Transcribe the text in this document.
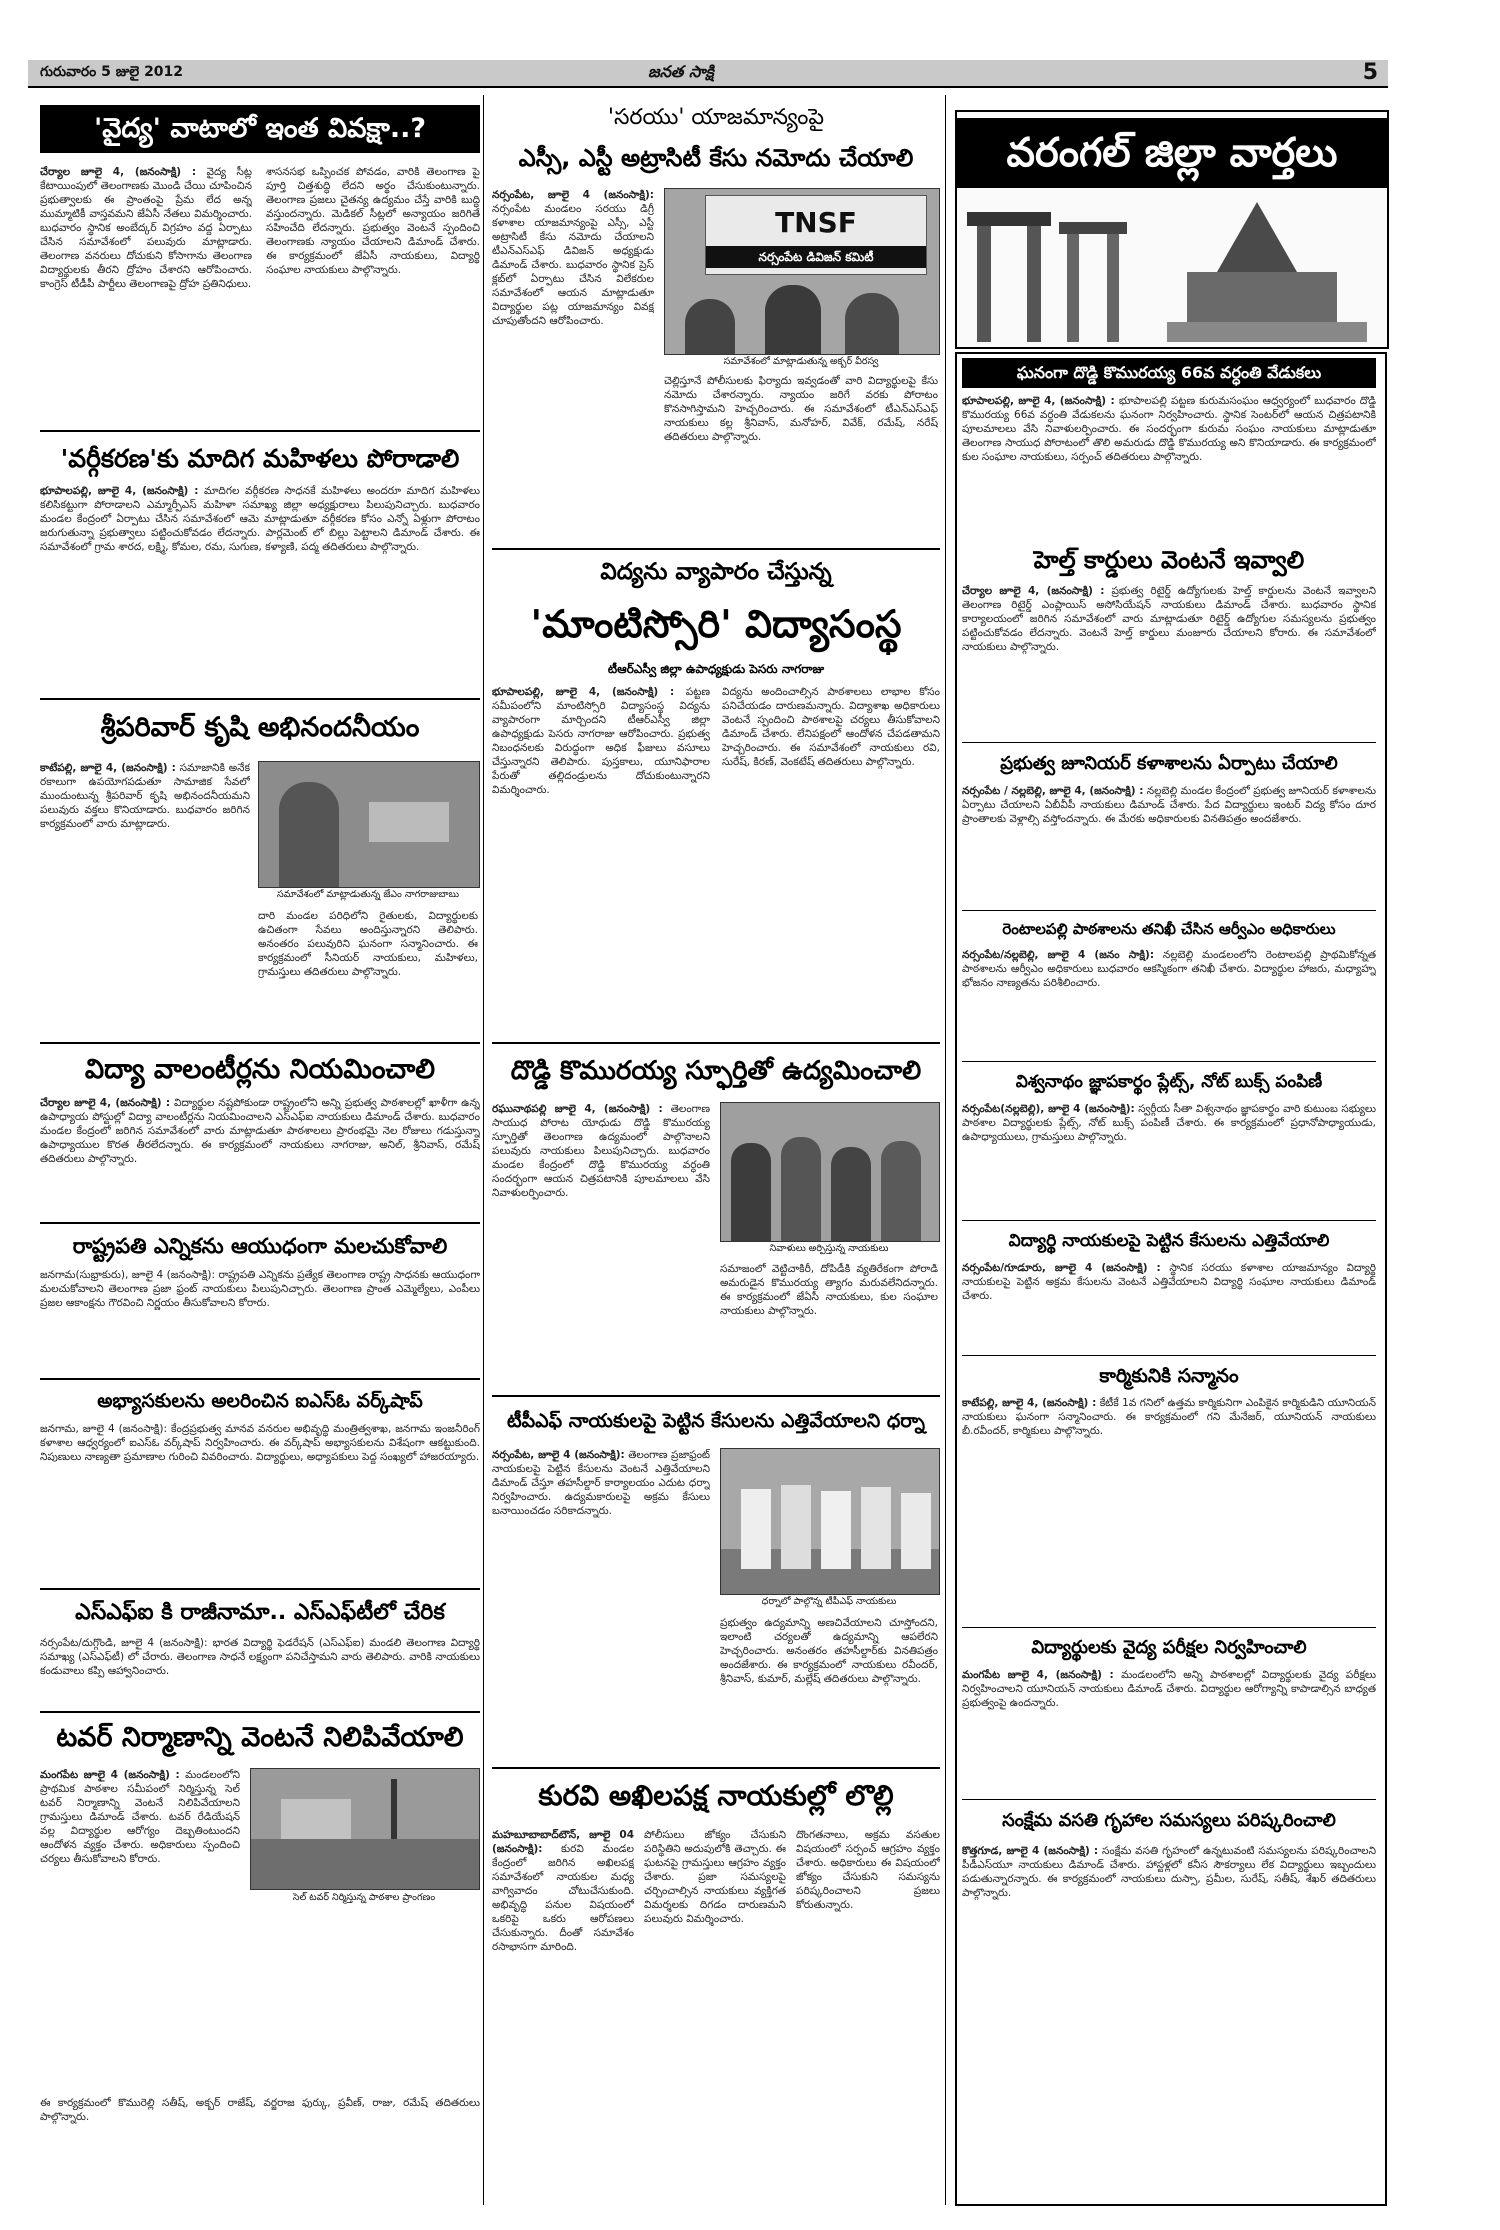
గురువారం 5 జులై 2012	జనత సాక్షి	5
'వైద్య' వాటాలో ఇంత వివక్షా..?
చేర్యాల జూలై 4, (జనంసాక్షి) : వైద్య సీట్ల కేటాయింపులో తెలంగాణకు మొండి చేయి చూపించిన ప్రభుత్వాలకు ఈ ప్రాంతంపై ప్రేమ లేద అన్న ముమ్మాటికీ వాస్తవమని జేఏసీ నేతలు విమర్శించారు. బుధవారం స్థానిక అంబేద్కర్ విగ్రహం వద్ద ఏర్పాటు చేసిన సమావేశంలో పలువురు మాట్లాడారు. తెలంగాణ వనరులు దోచుకుని కోసాగాను తెలంగాణ విద్యార్థులకు తీరని ద్రోహం చేశారని ఆరోపించారు. కాంగ్రెస్ టీడీపీ పార్టీలు తెలంగాణపై ద్రోహ ప్రతినిధులు.
శాసనసభ ఒప్పించక పోవడం, వారికి తెలంగాణ పై పూర్తి చిత్తశుద్ధి లేదని అర్థం చేసుకుంటున్నారు. తెలంగాణ ప్రజలు చైతన్య ఉద్యమం చేస్తే వారికి బుద్ధి వస్తుందన్నారు. మెడికల్ సీట్లలో అన్యాయం జరిగితే సహించేది లేదన్నారు. ప్రభుత్వం వెంటనే స్పందించి తెలంగాణకు న్యాయం చేయాలని డిమాండ్ చేశారు. ఈ కార్యక్రమంలో జేఏసీ నాయకులు, విద్యార్థి సంఘాల నాయకులు పాల్గొన్నారు.
'వర్గీకరణ'కు మాదిగ మహిళలు పోరాడాలి
భూపాలపల్లి, జూలై 4, (జనంసాక్షి) : మాదిగల వర్గీకరణ సాధనకే మహిళలు అందరూ మాదిగ మహిళలు కలిసికట్టుగా పోరాడాలని ఎమ్మార్పీఎస్ మహిళా సమాఖ్య జిల్లా అధ్యక్షురాలు పిలుపునిచ్చారు. బుధవారం మండల కేంద్రంలో ఏర్పాటు చేసిన సమావేశంలో ఆమె మాట్లాడుతూ వర్గీకరణ కోసం ఎన్నో ఏళ్లుగా పోరాటం జరుగుతున్నా ప్రభుత్వాలు పట్టించుకోవడం లేదన్నారు. పార్లమెంట్ లో బిల్లు పెట్టాలని డిమాండ్ చేశారు. ఈ సమావేశంలో గ్రామ శారద, లక్ష్మి, కోమల, రమ, సుగుణ, కళ్యాణి, పద్మ తదితరులు పాల్గొన్నారు.
శ్రీపరివార్ కృషి అభినందనీయం
కాటేపల్లి, జూలై 4, (జనంసాక్షి) : సమాజానికి అనేక రకాలుగా ఉపయోగపడుతూ సామాజిక సేవలో ముందుంటున్న శ్రీపరివార్ కృషి అభినందనీయమని పలువురు వక్తలు కొనియాడారు. బుధవారం జరిగిన కార్యక్రమంలో వారు మాట్లాడారు.
సమావేశంలో మాట్లాడుతున్న జేఎం నాగరాజుబాబు
దారి మండల పరిధిలోని రైతులకు, విద్యార్థులకు ఉచితంగా సేవలు అందిస్తున్నారని తెలిపారు. అనంతరం పలువురిని ఘనంగా సన్మానించారు. ఈ కార్యక్రమంలో సీనియర్ నాయకులు, మహిళలు, గ్రామస్తులు తదితరులు పాల్గొన్నారు.
విద్యా వాలంటీర్లను నియమించాలి
చేర్యాల జూలై 4, (జనంసాక్షి) : విద్యార్థుల నష్టపోకుండా రాష్ట్రంలోని అన్ని ప్రభుత్వ పాఠశాలల్లో ఖాళీగా ఉన్న ఉపాధ్యాయ పోస్టుల్లో విద్యా వాలంటీర్లను నియమించాలని ఎస్ఎఫ్ఐ నాయకులు డిమాండ్ చేశారు. బుధవారం మండల కేంద్రంలో జరిగిన సమావేశంలో వారు మాట్లాడుతూ పాఠశాలలు ప్రారంభమై నెల రోజులు గడుస్తున్నా ఉపాధ్యాయుల కొరత తీరలేదన్నారు. ఈ కార్యక్రమంలో నాయకులు నాగరాజు, అనిల్, శ్రీనివాస్, రమేష్ తదితరులు పాల్గొన్నారు.
రాష్ట్రపతి ఎన్నికను ఆయుధంగా మలచుకోవాలి
జనగామ(సుభ్రాకురు), జూలై 4 (జనంసాక్షి): రాష్ట్రపతి ఎన్నికను ప్రత్యేక తెలంగాణ రాష్ట్ర సాధనకు ఆయుధంగా మలచుకోవాలని తెలంగాణ ప్రజా ఫ్రంట్ నాయకులు పిలుపునిచ్చారు. తెలంగాణ ప్రాంత ఎమ్మెల్యేలు, ఎంపీలు ప్రజల ఆకాంక్షను గౌరవించి నిర్ణయం తీసుకోవాలని కోరారు.
అభ్యాసకులను అలరించిన ఐఎస్‌ఓ వర్క్‌షాప్
జనగామ, జూలై 4 (జనంసాక్షి): కేంద్రప్రభుత్వ మానవ వనరుల అభివృద్ధి మంత్రిత్వశాఖ, జనగామ ఇంజనీరింగ్ కళాశాల ఆధ్వర్యంలో ఐఎస్‌ఓ వర్క్‌షాప్ నిర్వహించారు. ఈ వర్క్‌షాప్ అభ్యాసకులను విశేషంగా ఆకట్టుకుంది. నిపుణులు నాణ్యతా ప్రమాణాల గురించి వివరించారు. విద్యార్థులు, అధ్యాపకులు పెద్ద సంఖ్యలో హాజరయ్యారు.
ఎస్‌ఎఫ్‌ఐ కి రాజీనామా.. ఎస్‌ఎఫ్‌టీలో చేరిక
నర్సంపేట/దుగ్గొండి, జూలై 4 (జనంసాక్షి): భారత విద్యార్థి ఫెడరేషన్ (ఎస్ఎఫ్ఐ) మండలి తెలంగాణ విద్యార్థి సమాఖ్య (ఎస్ఎఫ్‌టీ) లో చేరారు. తెలంగాణ సాధనే లక్ష్యంగా పనిచేస్తామని వారు తెలిపారు. వారికి నాయకులు కండువాలు కప్పి ఆహ్వానించారు.
టవర్ నిర్మాణాన్ని వెంటనే నిలిపివేయాలి
మంగపేట జూలై 4 (జనంసాక్షి) : మండలంలోని ప్రాథమిక పాఠశాల సమీపంలో నిర్మిస్తున్న సెల్ టవర్ నిర్మాణాన్ని వెంటనే నిలిపివేయాలని గ్రామస్తులు డిమాండ్ చేశారు. టవర్ రేడియేషన్ వల్ల విద్యార్థుల ఆరోగ్యం దెబ్బతింటుందని ఆందోళన వ్యక్తం చేశారు. అధికారులు స్పందించి చర్యలు తీసుకోవాలని కోరారు.
సెల్ టవర్ నిర్మిస్తున్న పాఠశాల ప్రాంగణం
ఈ కార్యక్రమంలో కొమురెల్లి సతీష్, అక్బర్ రాజేష్, వర్జరాజ ఫుర్కు, ప్రవీణ్, రాజు, రమేష్ తదితరులు పాల్గొన్నారు.
'సరయు' యాజమాన్యంపై
ఎస్సీ, ఎస్టీ అట్రాసిటీ కేసు నమోదు చేయాలి
నర్సంపేట, జూలై 4 (జనంసాక్షి): నర్సంపేట మండలం సరయు డిగ్రీ కళాశాల యాజమాన్యంపై ఎస్సీ, ఎస్టీ అట్రాసిటీ కేసు నమోదు చేయాలని టీఎన్ఎస్ఎఫ్ డివిజన్ అధ్యక్షుడు డిమాండ్ చేశారు. బుధవారం స్థానిక ప్రెస్ క్లబ్‌లో ఏర్పాటు చేసిన విలేకరుల సమావేశంలో ఆయన మాట్లాడుతూ విద్యార్థుల పట్ల యాజమాన్యం వివక్ష చూపుతోందని ఆరోపించారు.
TNSF
నర్సంపేట డివిజన్ కమిటీ
సమావేశంలో మాట్లాడుతున్న అక్బర్ వీరస్వ
చెల్లిస్తూనే పోలీసులకు ఫిర్యాదు ఇవ్వడంతో వారి విద్యార్థులపై కేసు నమోదు చేశారన్నారు. న్యాయం జరిగే వరకు పోరాటం కొనసాగిస్తామని హెచ్చరించారు. ఈ సమావేశంలో టీఎన్ఎస్ఎఫ్ నాయకులు కల్ల శ్రీనివాస్, మనోహర్, వివేక్, రమేష్, నరేష్ తదితరులు పాల్గొన్నారు.
విద్యను వ్యాపారం చేస్తున్న
'మాంటిస్సోరి' విద్యాసంస్థ
టీఆర్ఎస్వీ జిల్లా ఉపాధ్యక్షుడు పెసరు నాగరాజు
భూపాలపల్లి, జూలై 4, (జనంసాక్షి) : పట్టణ సమీపంలోని మాంటిస్సోరి విద్యాసంస్థ విద్యను వ్యాపారంగా మార్చిందని టీఆర్ఎస్వీ జిల్లా ఉపాధ్యక్షుడు పెసరు నాగరాజు ఆరోపించారు. ప్రభుత్వ నిబంధనలకు విరుద్ధంగా అధిక ఫీజులు వసూలు చేస్తున్నారని తెలిపారు. పుస్తకాలు, యూనిఫారాల పేరుతో తల్లిదండ్రులను దోచుకుంటున్నారని విమర్శించారు.
విద్యను అందించాల్సిన పాఠశాలలు లాభాల కోసం పనిచేయడం దారుణమన్నారు. విద్యాశాఖ అధికారులు వెంటనే స్పందించి పాఠశాలపై చర్యలు తీసుకోవాలని డిమాండ్ చేశారు. లేనిపక్షంలో ఆందోళన చేపడతామని హెచ్చరించారు. ఈ సమావేశంలో నాయకులు రవి, సురేష్, కిరణ్, వెంకటేష్ తదితరులు పాల్గొన్నారు.
దొడ్డి కొమురయ్య స్ఫూర్తితో ఉద్యమించాలి
రఘునాథపల్లి జూలై 4, (జనంసాక్షి) : తెలంగాణ సాయుధ పోరాట యోధుడు దొడ్డి కొమురయ్య స్ఫూర్తితో తెలంగాణ ఉద్యమంలో పాల్గొనాలని పలువురు నాయకులు పిలుపునిచ్చారు. బుధవారం మండల కేంద్రంలో దొడ్డి కొమురయ్య వర్ధంతి సందర్భంగా ఆయన చిత్రపటానికి పూలమాలలు వేసి నివాళులర్పించారు.
నివాళులు అర్పిస్తున్న నాయకులు
సమాజంలో వెట్టిచాకిరీ, దోపిడీకి వ్యతిరేకంగా పోరాడి అమరుడైన కొమురయ్య త్యాగం మరువలేనిదన్నారు. ఈ కార్యక్రమంలో జేఏసీ నాయకులు, కుల సంఘాల నాయకులు పాల్గొన్నారు.
టీపీఎఫ్ నాయకులపై పెట్టిన కేసులను ఎత్తివేయాలని ధర్నా
నర్సంపేట, జూలై 4 (జనంసాక్షి): తెలంగాణ ప్రజాఫ్రంట్ నాయకులపై పెట్టిన కేసులను వెంటనే ఎత్తివేయాలని డిమాండ్ చేస్తూ తహసీల్దార్ కార్యాలయం ఎదుట ధర్నా నిర్వహించారు. ఉద్యమకారులపై అక్రమ కేసులు బనాయించడం సరికాదన్నారు.
ధర్నాలో పాల్గొన్న టీపీఎఫ్ నాయకులు
ప్రభుత్వం ఉద్యమాన్ని అణచివేయాలని చూస్తోందని, ఇలాంటి చర్యలతో ఉద్యమాన్ని ఆపలేరని హెచ్చరించారు. అనంతరం తహసీల్దార్‌కు వినతిపత్రం అందజేశారు. ఈ కార్యక్రమంలో నాయకులు రవీందర్, శ్రీనివాస్, కుమార్, మల్లేష్ తదితరులు పాల్గొన్నారు.
కురవి అఖిలపక్ష నాయకుల్లో లొల్లి
మహబూబాబాద్‌టౌన్, జూలై 04 (జనంసాక్షి): కురవి మండల కేంద్రంలో జరిగిన అఖిలపక్ష సమావేశంలో నాయకుల మధ్య వాగ్వివాదం చోటుచేసుకుంది. అభివృద్ధి పనుల విషయంలో ఒకరిపై ఒకరు ఆరోపణలు చేసుకున్నారు. దీంతో సమావేశం రసాభాసగా మారింది.
పోలీసులు జోక్యం చేసుకుని పరిస్థితిని అదుపులోకి తెచ్చారు. ఈ ఘటనపై గ్రామస్తులు ఆగ్రహం వ్యక్తం చేశారు. ప్రజా సమస్యలపై చర్చించాల్సిన నాయకులు వ్యక్తిగత విమర్శలకు దిగడం దారుణమని పలువురు విమర్శించారు.
దొంగతనాలు, అక్రమ వసతుల విషయంలో సర్పంచ్ ఆగ్రహం వ్యక్తం చేశారు. అధికారులు ఈ విషయంలో జోక్యం చేసుకుని సమస్యను పరిష్కరించాలని ప్రజలు కోరుతున్నారు.
వరంగల్ జిల్లా వార్తలు
ఘనంగా దొడ్డి కొమురయ్య 66వ వర్ధంతి వేడుకలు
భూపాలపల్లి, జూలై 4, (జనంసాక్షి) : భూపాలపల్లి పట్టణ కురుమసంఘం ఆధ్వర్యంలో బుధవారం దొడ్డి కొమురయ్య 66వ వర్ధంతి వేడుకలను ఘనంగా నిర్వహించారు. స్థానిక సెంటర్‌లో ఆయన చిత్రపటానికి పూలమాలలు వేసి నివాళులర్పించారు. ఈ సందర్భంగా కురుమ సంఘం నాయకులు మాట్లాడుతూ తెలంగాణ సాయుధ పోరాటంలో తొలి అమరుడు దొడ్డి కొమురయ్య అని కొనియాడారు. ఈ కార్యక్రమంలో కుల సంఘాల నాయకులు, సర్పంచ్ తదితరులు పాల్గొన్నారు.
హెల్త్ కార్డులు వెంటనే ఇవ్వాలి
చేర్యాల జూలై 4, (జనంసాక్షి) : ప్రభుత్వ రిటైర్డ్ ఉద్యోగులకు హెల్త్ కార్డులను వెంటనే ఇవ్వాలని తెలంగాణ రిటైర్డ్ ఎంప్లాయిస్ అసోసియేషన్ నాయకులు డిమాండ్ చేశారు. బుధవారం స్థానిక కార్యాలయంలో జరిగిన సమావేశంలో వారు మాట్లాడుతూ రిటైర్డ్ ఉద్యోగుల సమస్యలను ప్రభుత్వం పట్టించుకోవడం లేదన్నారు. వెంటనే హెల్త్ కార్డులు మంజూరు చేయాలని కోరారు. ఈ సమావేశంలో నాయకులు పాల్గొన్నారు.
ప్రభుత్వ జూనియర్ కళాశాలను ఏర్పాటు చేయాలి
నర్సంపేట / నల్లబెల్లి, జూలై 4, (జనంసాక్షి) : నల్లబెల్లి మండల కేంద్రంలో ప్రభుత్వ జూనియర్ కళాశాలను ఏర్పాటు చేయాలని ఏబీవీపీ నాయకులు డిమాండ్ చేశారు. పేద విద్యార్థులు ఇంటర్ విద్య కోసం దూర ప్రాంతాలకు వెళ్లాల్సి వస్తోందన్నారు. ఈ మేరకు అధికారులకు వినతిపత్రం అందజేశారు.
రెంటాలపల్లి పాఠశాలను తనిఖీ చేసిన ఆర్వీఎం అధికారులు
నర్సంపేట/నల్లబెల్లి, జూలై 4 (జనం సాక్షి): నల్లబెల్లి మండలంలోని రెంటాలపల్లి ప్రాథమికోన్నత పాఠశాలను ఆర్వీఎం అధికారులు బుధవారం ఆకస్మికంగా తనిఖీ చేశారు. విద్యార్థుల హాజరు, మధ్యాహ్న భోజనం నాణ్యతను పరిశీలించారు.
విశ్వనాథం జ్ఞాపకార్థం ప్లేట్స్, నోట్ బుక్స్ పంపిణీ
నర్సంపేట(నల్లబెల్లి), జూలై 4 (జనంసాక్షి): స్వర్గీయ సీతా విశ్వనాథం జ్ఞాపకార్థం వారి కుటుంబ సభ్యులు పాఠశాల విద్యార్థులకు ప్లేట్స్, నోట్ బుక్స్ పంపిణీ చేశారు. ఈ కార్యక్రమంలో ప్రధానోపాధ్యాయుడు, ఉపాధ్యాయులు, గ్రామస్తులు పాల్గొన్నారు.
విద్యార్థి నాయకులపై పెట్టిన కేసులను ఎత్తివేయాలి
నర్సంపేట/గూడూరు, జూలై 4 (జనంసాక్షి) : స్థానిక సరయు కళాశాల యాజమాన్యం విద్యార్థి నాయకులపై పెట్టిన అక్రమ కేసులను వెంటనే ఎత్తివేయాలని విద్యార్థి సంఘాల నాయకులు డిమాండ్ చేశారు.
కార్మికునికి సన్మానం
కాటేపల్లి, జూలై 4, (జనంసాక్షి) : కేటీకే 1వ గనిలో ఉత్తమ కార్మికునిగా ఎంపికైన కార్మికుడిని యూనియన్ నాయకులు ఘనంగా సన్మానించారు. ఈ కార్యక్రమంలో గని మేనేజర్, యూనియన్ నాయకులు బీ.రవీందర్, కార్మికులు పాల్గొన్నారు.
విద్యార్థులకు వైద్య పరీక్షల నిర్వహించాలి
మంగపేట జూలై 4, (జనంసాక్షి) : మండలంలోని అన్ని పాఠశాలల్లో విద్యార్థులకు వైద్య పరీక్షలు నిర్వహించాలని యూనియన్ నాయకులు డిమాండ్ చేశారు. విద్యార్థుల ఆరోగ్యాన్ని కాపాడాల్సిన బాధ్యత ప్రభుత్వంపై ఉందన్నారు.
సంక్షేమ వసతి గృహాల సమస్యలు పరిష్కరించాలి
కొత్తగూడ, జూలై 4 (జనంసాక్షి) : సంక్షేమ వసతి గృహంలో ఉన్నటువంటి సమస్యలను పరిష్కరించాలని పీడీఎస్‌యూ నాయకులు డిమాండ్ చేశారు. హాస్టళ్లలో కనీస సౌకర్యాలు లేక విద్యార్థులు ఇబ్బందులు పడుతున్నారన్నారు. ఈ కార్యక్రమంలో నాయకులు దుస్సా, ప్రమీల, సురేష్, సతీష్, శేఖర్ తదితరులు పాల్గొన్నారు.
